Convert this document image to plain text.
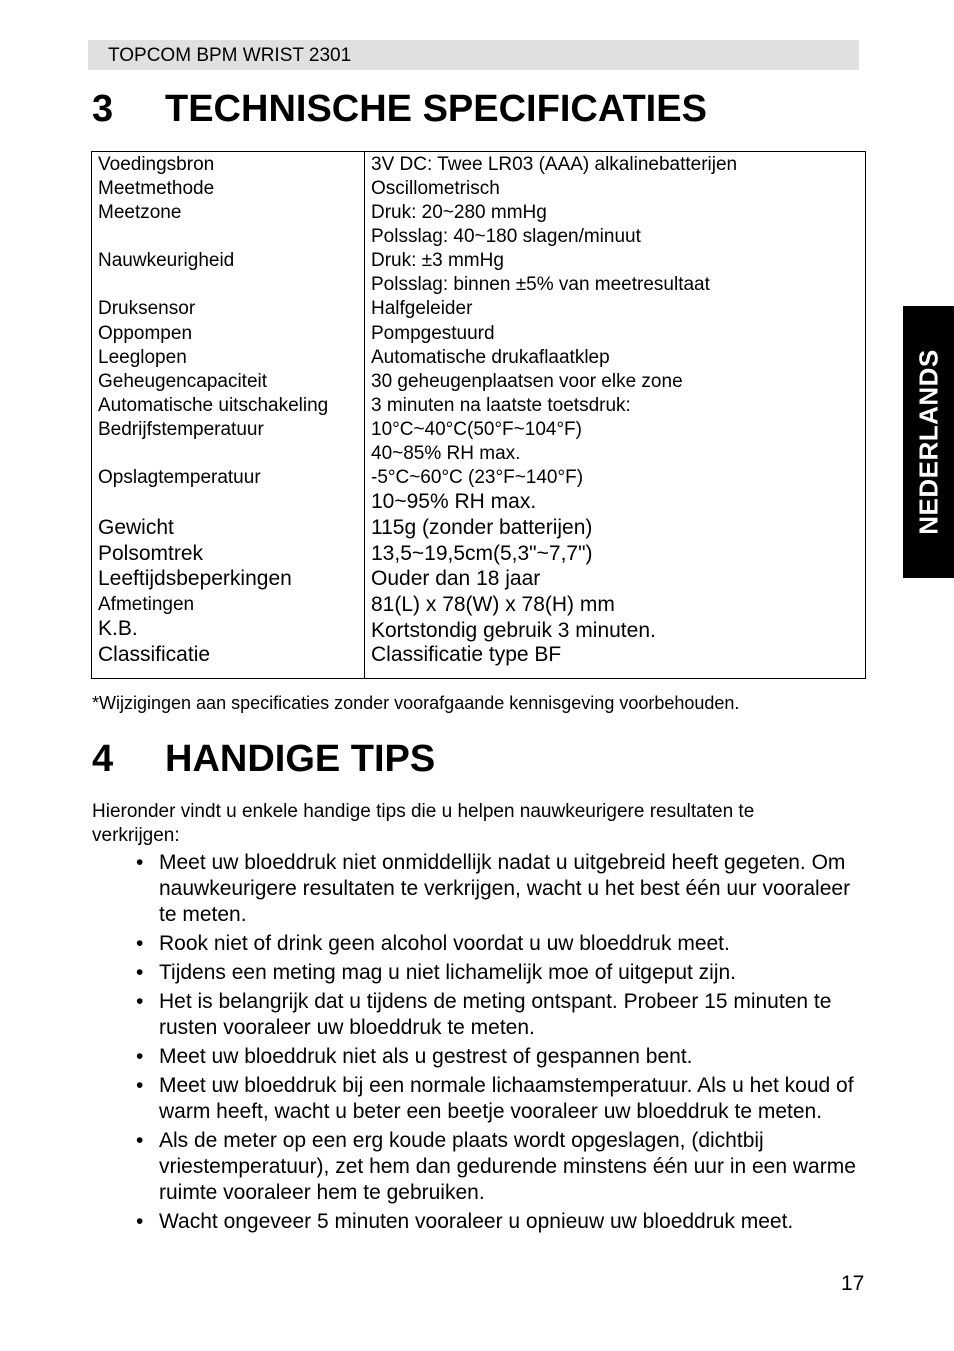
TOPCOM BPM WRIST 2301
NEDERLANDS
3 TECHNISCHE SPECIFICATIES
Voedingsbron
Meetmethode
Meetzone
Nauwkeurigheid
Druksensor
Oppompen
Leeglopen
Geheugencapaciteit
Automatische uitschakeling
Bedrijfstemperatuur
Opslagtemperatuur
Gewicht
Polsomtrek
Leeftijdsbeperkingen
Afmetingen
K.B.
Classificatie
3V DC: Twee LR03 (AAA) alkalinebatterijen
Oscillometrisch
Druk: 20~280 mmHg
Polsslag: 40~180 slagen/minuut
Druk: ±3 mmHg
Polsslag: binnen ±5% van meetresultaat
Halfgeleider
Pompgestuurd
Automatische drukaflaatklep
30 geheugenplaatsen voor elke zone
3 minuten na laatste toetsdruk:
10°C~40°C(50°F~104°F)
40~85% RH max.
-5°C~60°C (23°F~140°F)
10~95% RH max.
115g (zonder batterijen)
13,5~19,5cm(5,3"~7,7")
Ouder dan 18 jaar
81(L) x 78(W) x 78(H) mm
Kortstondig gebruik 3 minuten.
Classificatie type BF
*Wijzigingen aan specificaties zonder voorafgaande kennisgeving voorbehouden.
4 HANDIGE TIPS

Hieronder vindt u enkele handige tips die u helpen nauwkeurigere resultaten te verkrijgen:

• Meet uw bloeddruk niet onmiddellijk nadat u uitgebreid heeft gegeten. Om nauwkeurigere resultaten te verkrijgen, wacht u het best één uur vooraleer te meten.
• Rook niet of drink geen alcohol voordat u uw bloeddruk meet.
• Tijdens een meting mag u niet lichamelijk moe of uitgeput zijn.
• Het is belangrijk dat u tijdens de meting ontspant. Probeer 15 minuten te rusten vooraleer uw bloeddruk te meten.
• Meet uw bloeddruk niet als u gestrest of gespannen bent.
• Meet uw bloeddruk bij een normale lichaamstemperatuur. Als u het koud of warm heeft, wacht u beter een beetje vooraleer uw bloeddruk te meten.
• Als de meter op een erg koude plaats wordt opgeslagen, (dichtbij vriestemperatuur), zet hem dan gedurende minstens één uur in een warme ruimte vooraleer hem te gebruiken.
• Wacht ongeveer 5 minuten vooraleer u opnieuw uw bloeddruk meet.
17
